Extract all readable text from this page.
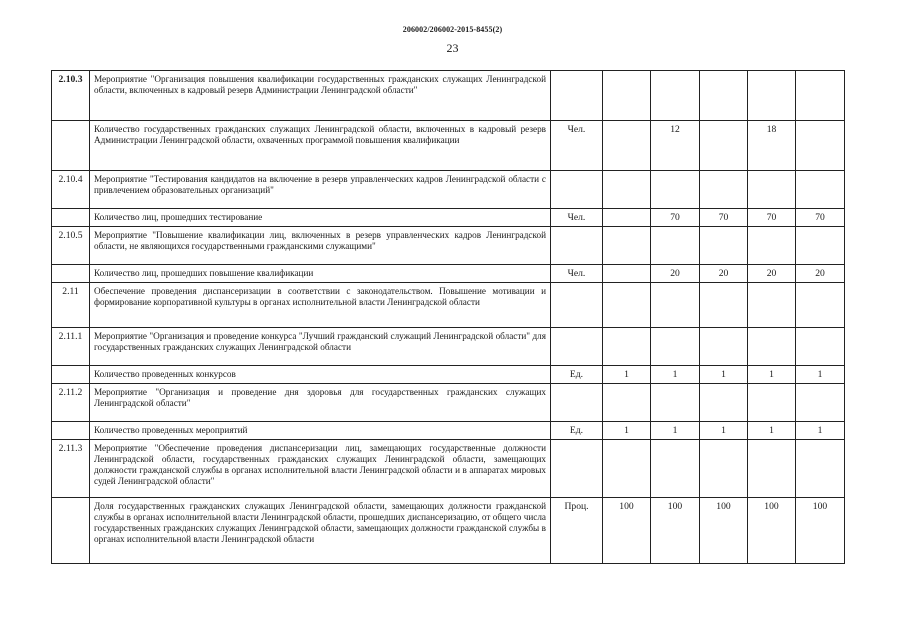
206002/206002-2015-8455(2)
23
2.10.3	Мероприятие "Организация повышения квалификации государственных гражданских служащих Ленинградской области, включенных в кадровый резерв Администрации Ленинградской области"						
	Количество государственных гражданских служащих Ленинградской области, включенных в кадровый резерв Администрации Ленинградской области, охваченных программой повышения квалификации	Чел.		12		18	
2.10.4	Мероприятие "Тестирования кандидатов на включение в резерв управленческих кадров Ленинградской области с привлечением образовательных организаций"						
	Количество лиц, прошедших тестирование	Чел.		70	70	70	70
2.10.5	Мероприятие "Повышение квалификации лиц, включенных в резерв управленческих кадров Ленинградской области, не являющихся государственными гражданскими служащими"						
	Количество лиц, прошедших повышение квалификации	Чел.		20	20	20	20
2.11	Обеспечение проведения диспансеризации в соответствии с законодательством. Повышение мотивации и формирование корпоративной культуры в органах исполнительной власти Ленинградской области						
2.11.1	Мероприятие "Организация и проведение конкурса "Лучший гражданский служащий Ленинградской области" для государственных гражданских служащих Ленинградской области						
	Количество проведенных конкурсов	Ед.	1	1	1	1	1
2.11.2	Мероприятие "Организация и проведение дня здоровья для государственных гражданских служащих Ленинградской области"						
	Количество проведенных мероприятий	Ед.	1	1	1	1	1
2.11.3	Мероприятие "Обеспечение проведения диспансеризации лиц, замещающих государственные должности Ленинградской области, государственных гражданских служащих Ленинградской области, замещающих должности гражданской службы в органах исполнительной власти Ленинградской области и в аппаратах мировых судей Ленинградской области"						
	Доля государственных гражданских служащих Ленинградской области, замещающих должности гражданской службы в органах исполнительной власти Ленинградской области, прошедших диспансеризацию, от общего числа государственных гражданских служащих Ленинградской области, замещающих должности гражданской службы в органах исполнительной власти Ленинградской области	Проц.	100	100	100	100	100
